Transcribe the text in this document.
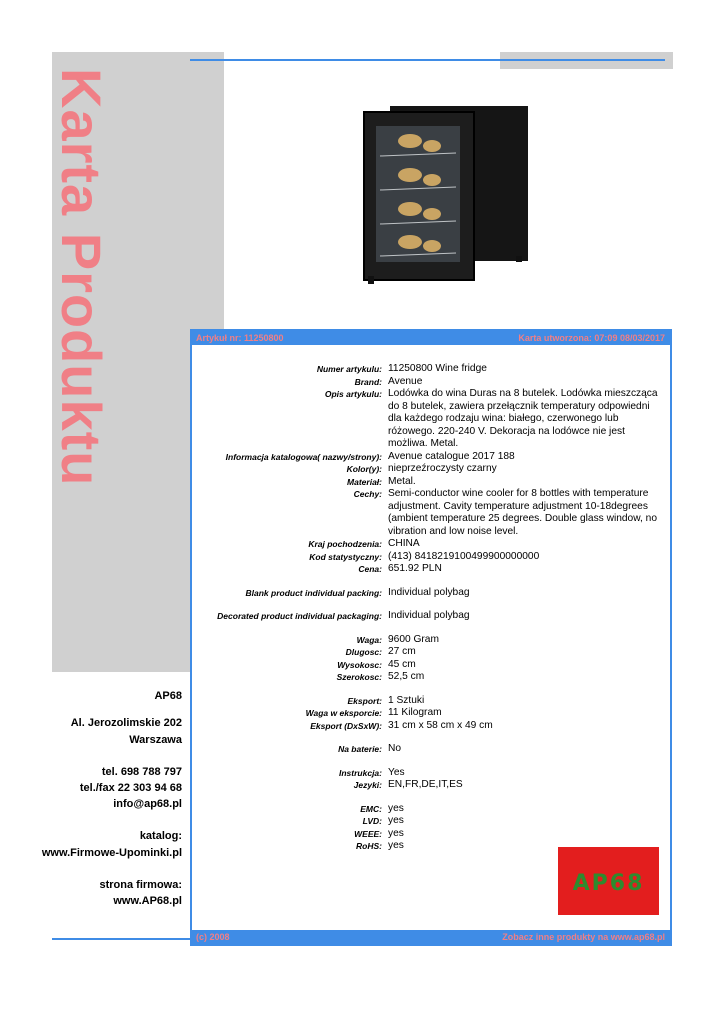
Karta Produktu	Artykuł nr: 11250800	Karta utworzona: 07:09 08/03/2017
Numer artykulu: 11250800 Wine fridge
Brand: Avenue
Opis artykulu: Lodówka do wina Duras na 8 butelek. Lodówka mieszcząca do 8 butelek, zawiera przełącznik temperatury odpowiedni dla każdego rodzaju wina: białego, czerwonego lub różowego. 220-240 V. Dekoracja na lodówce nie jest możliwa. Metal.
Informacja katalogowa( nazwy/strony): Avenue catalogue 2017 188
Kolor(y): nieprzeźroczysty czarny
Materiał: Metal.
Cechy: Semi-conductor wine cooler for 8 bottles with temperature adjustment. Cavity temperature adjustment 10-18degrees (ambient temperature 25 degrees. Double glass window, no vibration and low noise level.
Kraj pochodzenia: CHINA
Kod statystyczny: (413) 8418219100499900000000
Cena: 651.92 PLN
Blank product individual packing: Individual polybag
Decorated product individual packaging: Individual polybag
Waga: 9600 Gram
Dlugosc: 27 cm
Wysokosc: 45 cm
Szerokosc: 52,5 cm
Eksport: 1 Sztuki
Waga w eksporcie: 11 Kilogram
Eksport (DxSxW): 31 cm x 58 cm x 49 cm
Na baterie: No
Instrukcja: Yes
Jezyki: EN,FR,DE,IT,ES
EMC: yes
LVD: yes
WEEE: yes
RoHS: yes
(c) 2008	Zobacz inne produkty na www.ap68.pl
AP68
Al. Jerozolimskie 202
Warszawa
tel. 698 788 797
tel./fax 22 303 94 68
info@ap68.pl
katalog:
www.Firmowe-Upominki.pl
strona firmowa:
www.AP68.pl
AP68
